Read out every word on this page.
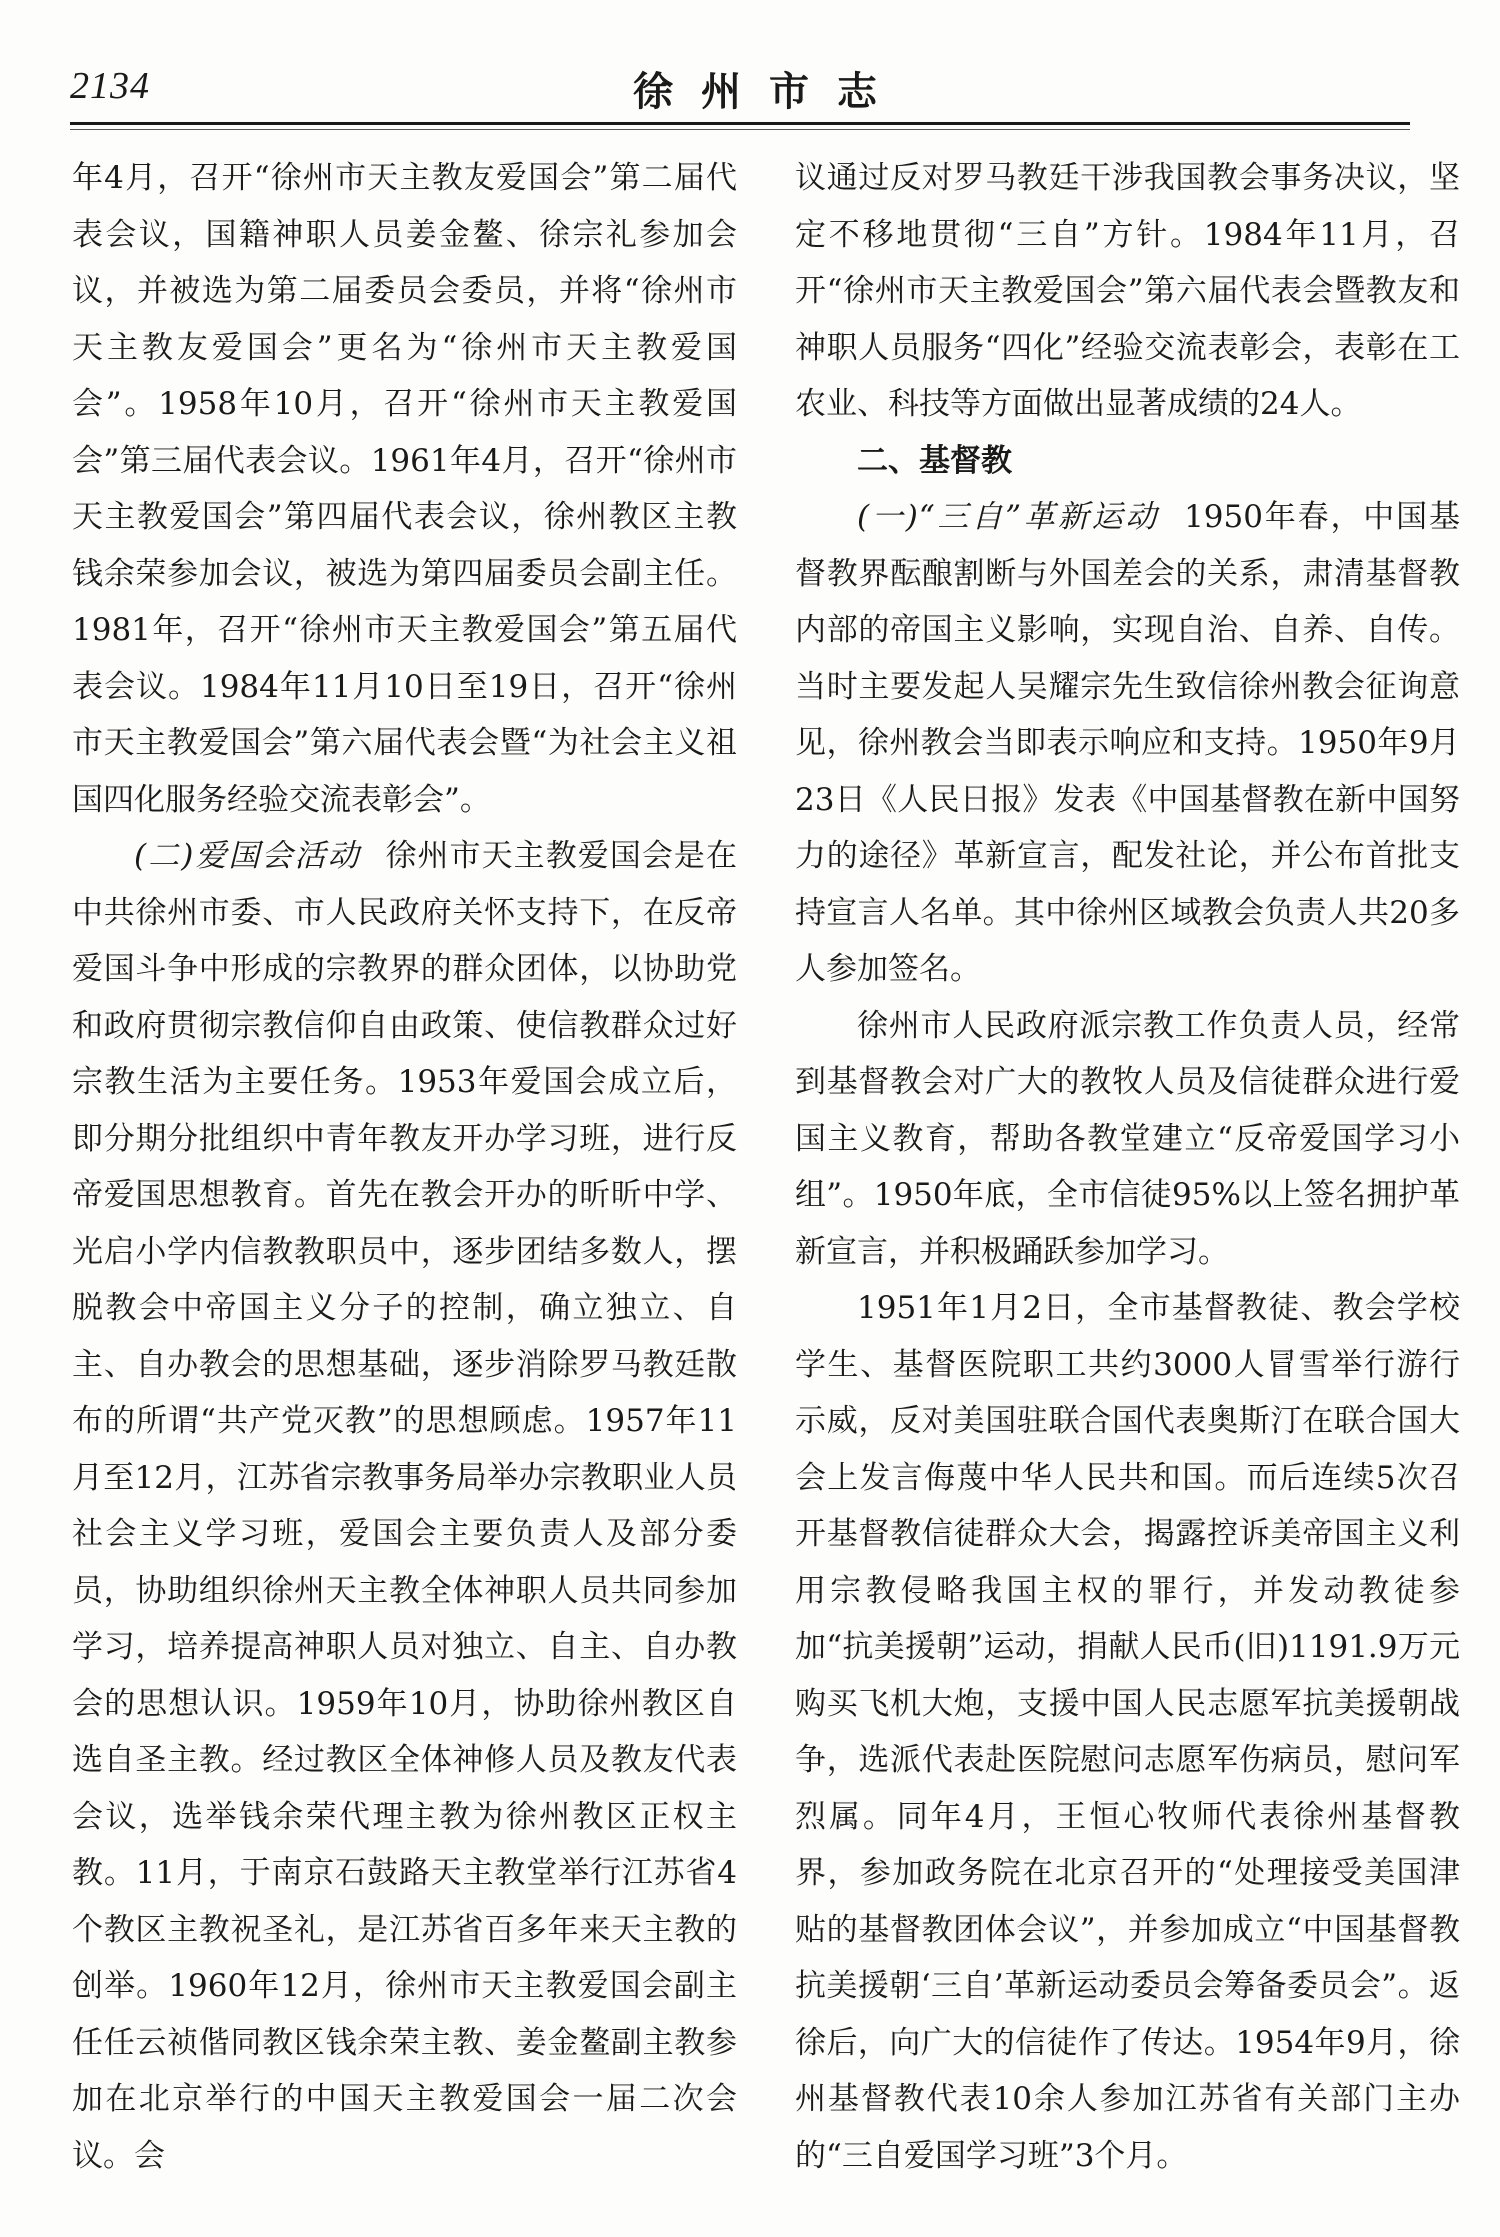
2134	徐州市志

年4月，召开“徐州市天主教友爱国会”第二届代表会议，国籍神职人员姜金鳌、徐宗礼参加会议，并被选为第二届委员会委员，并将“徐州市天主教友爱国会”更名为“徐州市天主教爱国会”。1958年10月，召开“徐州市天主教爱国会”第三届代表会议。1961年4月，召开“徐州市天主教爱国会”第四届代表会议，徐州教区主教钱余荣参加会议，被选为第四届委员会副主任。1981年，召开“徐州市天主教爱国会”第五届代表会议。1984年11月10日至19日，召开“徐州市天主教爱国会”第六届代表会暨“为社会主义祖国四化服务经验交流表彰会”。

(二)爱国会活动 徐州市天主教爱国会是在中共徐州市委、市人民政府关怀支持下，在反帝爱国斗争中形成的宗教界的群众团体，以协助党和政府贯彻宗教信仰自由政策、使信教群众过好宗教生活为主要任务。1953年爱国会成立后，即分期分批组织中青年教友开办学习班，进行反帝爱国思想教育。首先在教会开办的昕昕中学、光启小学内信教教职员中，逐步团结多数人，摆脱教会中帝国主义分子的控制，确立独立、自主、自办教会的思想基础，逐步消除罗马教廷散布的所谓“共产党灭教”的思想顾虑。1957年11月至12月，江苏省宗教事务局举办宗教职业人员社会主义学习班，爱国会主要负责人及部分委员，协助组织徐州天主教全体神职人员共同参加学习，培养提高神职人员对独立、自主、自办教会的思想认识。1959年10月，协助徐州教区自选自圣主教。经过教区全体神修人员及教友代表会议，选举钱余荣代理主教为徐州教区正权主教。11月，于南京石鼓路天主教堂举行江苏省4个教区主教祝圣礼，是江苏省百多年来天主教的创举。1960年12月，徐州市天主教爱国会副主任任云祯偕同教区钱余荣主教、姜金鳌副主教参加在北京举行的中国天主教爱国会一届二次会议。会

议通过反对罗马教廷干涉我国教会事务决议，坚定不移地贯彻“三自”方针。1984年11月，召开“徐州市天主教爱国会”第六届代表会暨教友和神职人员服务“四化”经验交流表彰会，表彰在工农业、科技等方面做出显著成绩的24人。

二、基督教

(一)“三自”革新运动 1950年春，中国基督教界酝酿割断与外国差会的关系，肃清基督教内部的帝国主义影响，实现自治、自养、自传。当时主要发起人吴耀宗先生致信徐州教会征询意见，徐州教会当即表示响应和支持。1950年9月23日《人民日报》发表《中国基督教在新中国努力的途径》革新宣言，配发社论，并公布首批支持宣言人名单。其中徐州区域教会负责人共20多人参加签名。

徐州市人民政府派宗教工作负责人员，经常到基督教会对广大的教牧人员及信徒群众进行爱国主义教育，帮助各教堂建立“反帝爱国学习小组”。1950年底，全市信徒95%以上签名拥护革新宣言，并积极踊跃参加学习。

1951年1月2日，全市基督教徒、教会学校学生、基督医院职工共约3000人冒雪举行游行示威，反对美国驻联合国代表奥斯汀在联合国大会上发言侮蔑中华人民共和国。而后连续5次召开基督教信徒群众大会，揭露控诉美帝国主义利用宗教侵略我国主权的罪行，并发动教徒参加“抗美援朝”运动，捐献人民币(旧)1191.9万元购买飞机大炮，支援中国人民志愿军抗美援朝战争，选派代表赴医院慰问志愿军伤病员，慰问军烈属。同年4月，王恒心牧师代表徐州基督教界，参加政务院在北京召开的“处理接受美国津贴的基督教团体会议”，并参加成立“中国基督教抗美援朝‘三自’革新运动委员会筹备委员会”。返徐后，向广大的信徒作了传达。1954年9月，徐州基督教代表10余人参加江苏省有关部门主办的“三自爱国学习班”3个月。
